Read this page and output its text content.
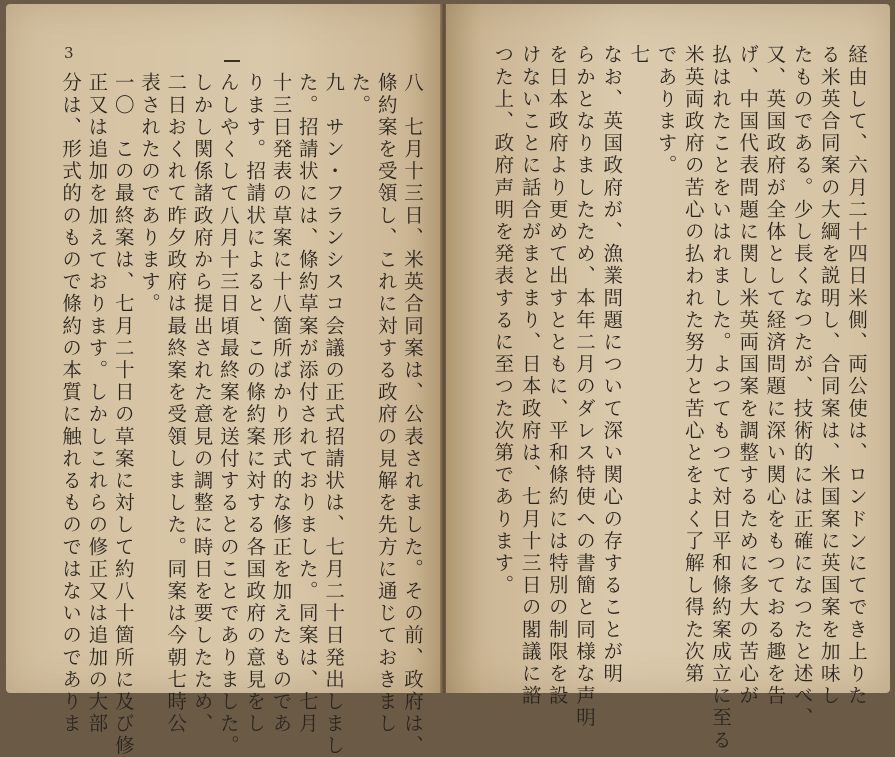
3
八　七月十三日、米英合同案は、公表されました。その前、政府は、
條約案を受領し、これに対する政府の見解を先方に通じておきまし
た。
九　サン・フランシスコ会議の正式招請状は、七月二十日発出しまし
た。招請状には、條約草案が添付されておりました。同案は、七月
十三日発表の草案に十八箇所ばかり形式的な修正を加えたものであ
ります。招請状によると、この條約案に対する各国政府の意見をし
んしやくして八月十三日頃最終案を送付するとのことでありました。
しかし関係諸政府から提出された意見の調整に時日を要したため、
二日おくれて昨夕政府は最終案を受領しました。同案は今朝七時公
表されたのであります。
一〇　この最終案は、七月二十日の草案に対して約八十箇所に及び修
正又は追加を加えております。しかしこれらの修正又は追加の大部
分は、形式的のもので條約の本質に触れるものではないのでありま	経由して、六月二十四日米側、両公使は、ロンドンにてでき上りた
る米英合同案の大綱を説明し、合同案は、米国案に英国案を加味し
たものである。少し長くなつたが、技術的には正確になつたと述べ、
又、英国政府が全体として経済問題に深い関心をもつておる趣を告
げ、中国代表問題に関し米英両国案を調整するために多大の苦心が
払はれたことをいはれました。よつてもつて対日平和條約案成立に至る
米英両政府の苦心の払われた努力と苦心とをよく了解し得た次第
であります。
七
なお、英国政府が、漁業問題について深い関心の存することが明
らかとなりましたため、本年二月のダレス特使への書簡と同様な声明
を日本政府より更めて出すとともに、平和條約には特別の制限を設
けないことに話合がまとまり、日本政府は、七月十三日の閣議に諮
つた上、政府声明を発表するに至つた次第であります。
